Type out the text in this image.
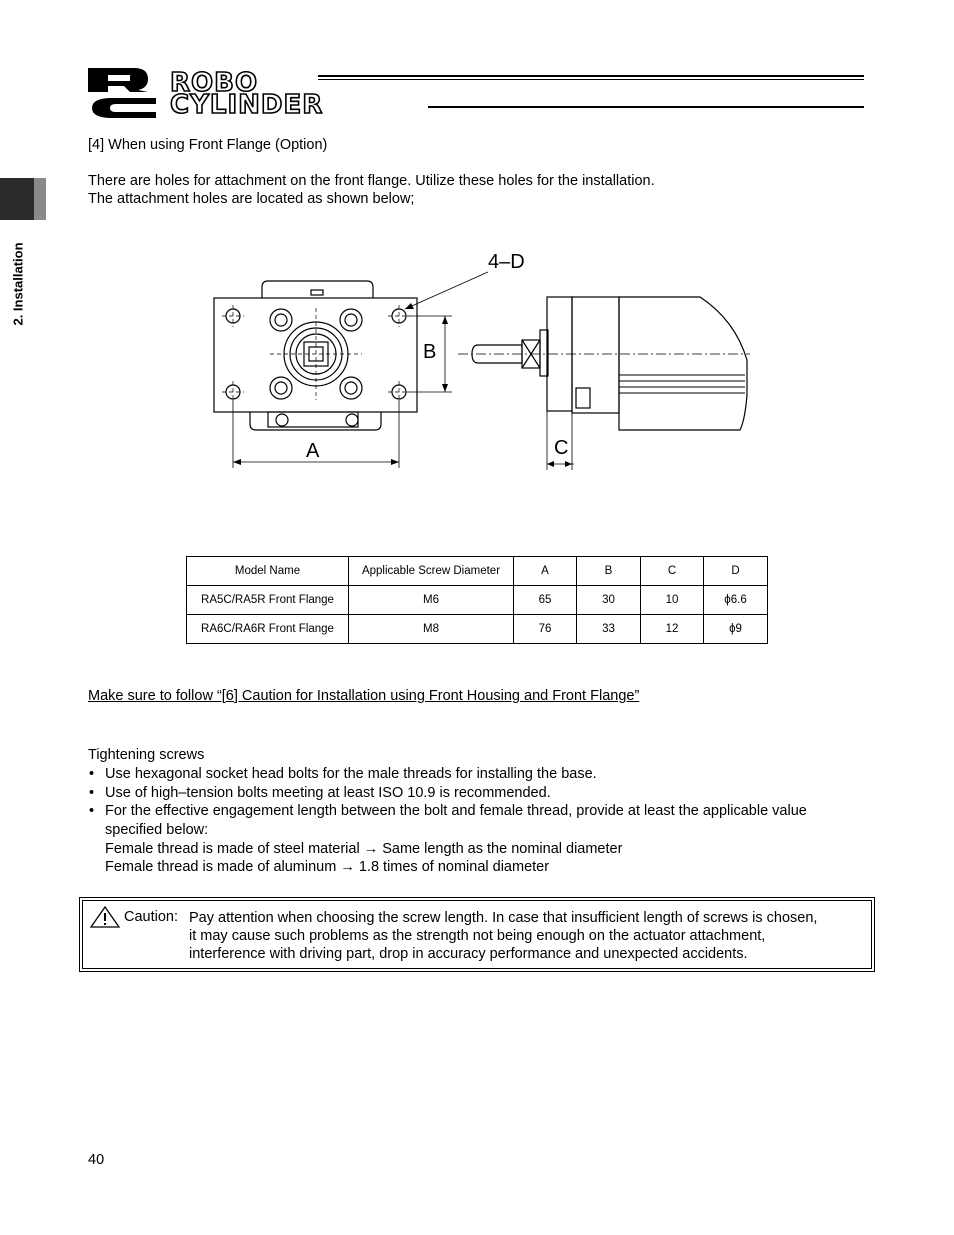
ROBO
CYLINDER
2. Installation
[4] When using Front Flange (Option)
There are holes for attachment on the front flange. Utilize these holes for the installation.
The attachment holes are located as shown below;
4–D
A
B
C
Model Name	Applicable Screw Diameter	A	B	C	D
RA5C/RA5R Front Flange	M6	65	30	10	ϕ6.6
RA6C/RA6R Front Flange	M8	76	33	12	ϕ9
Make sure to follow “[6] Caution for Installation using Front Housing and Front Flange”
Tightening screws
• Use hexagonal socket head bolts for the male threads for installing the base.
• Use of high–tension bolts meeting at least ISO 10.9 is recommended.
• For the effective engagement length between the bolt and female thread, provide at least the applicable value
specified below:
Female thread is made of steel material → Same length as the nominal diameter
Female thread is made of aluminum → 1.8 times of nominal diameter
Caution: Pay attention when choosing the screw length. In case that insufficient length of screws is chosen,
it may cause such problems as the strength not being enough on the actuator attachment,
interference with driving part, drop in accuracy performance and unexpected accidents.
40
